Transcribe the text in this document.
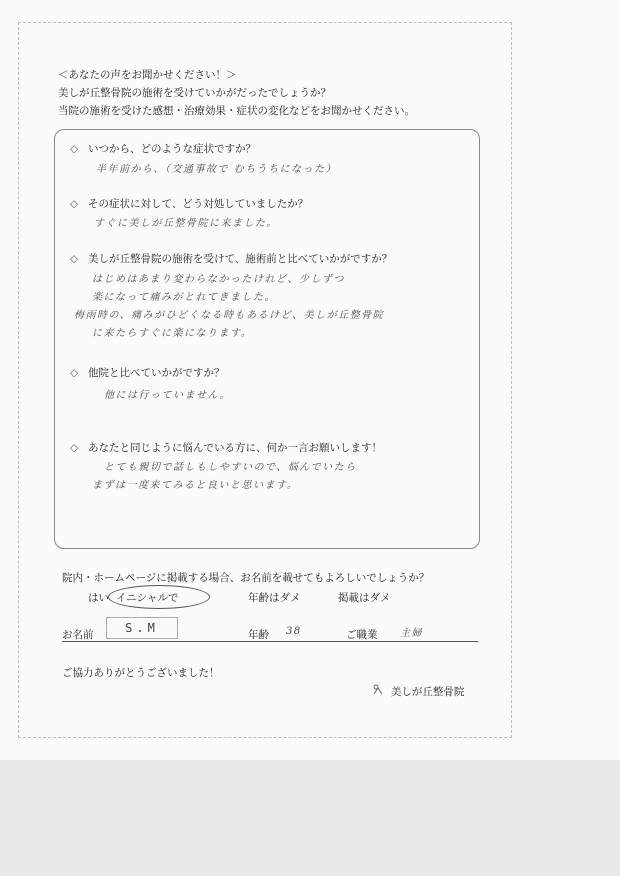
＜あなたの声をお聞かせください！＞
美しが丘整骨院の施術を受けていかがだったでしょうか？
当院の施術を受けた感想・治療効果・症状の変化などをお聞かせください。
◇ いつから、どのような症状ですか？
半年前から、（交通事故で むちうちになった）
◇ その症状に対して、どう対処していましたか？
すぐに美しが丘整骨院に来ました。
◇ 美しが丘整骨院の施術を受けて、施術前と比べていかがですか？
はじめはあまり変わらなかったけれど、少しずつ
楽になって痛みがとれてきました。
梅雨時の、痛みがひどくなる時もあるけど、美しが丘整骨院
に来たらすぐに楽になります。
◇ 他院と比べていかがですか？
他には行っていません。
◇ あなたと同じように悩んでいる方に、何か一言お願いします！
とても親切で話しもしやすいので、悩んでいたら
まずは一度来てみると良いと思います。
院内・ホームページに掲載する場合、お名前を載せてもよろしいでしょうか？
はい イニシャルで	年齢はダメ	掲載はダメ
お名前	S.M	年齢 38	ご職業 主婦
ご協力ありがとうございました！
美しが丘整骨院
